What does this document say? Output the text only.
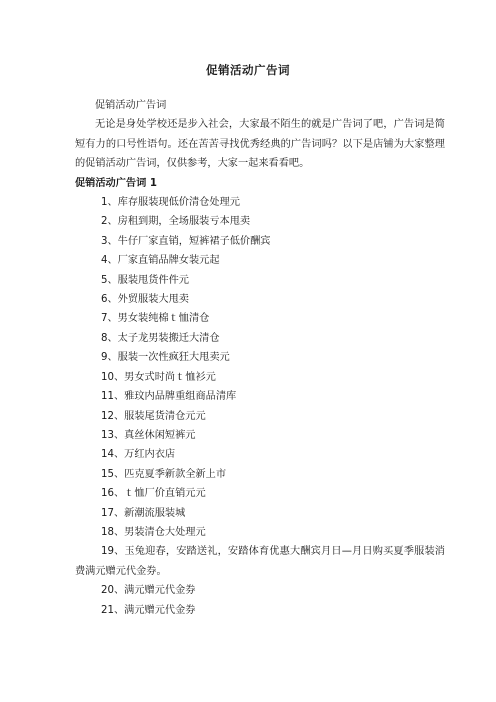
促销活动广告词

促销活动广告词

无论是身处学校还是步入社会，大家最不陌生的就是广告词了吧，广告词是简短有力的口号性语句。还在苦苦寻找优秀经典的广告词吗？以下是店铺为大家整理的促销活动广告词，仅供参考，大家一起来看看吧。

促销活动广告词 1

1、库存服装现低价清仓处理元
2、房租到期，全场服装亏本甩卖
3、牛仔厂家直销，短裤裙子低价酬宾
4、厂家直销品牌女装元起
5、服装甩货件件元
6、外贸服装大甩卖
7、男女装纯棉ｔ恤清仓
8、太子龙男装搬迁大清仓
9、服装一次性疯狂大甩卖元
10、男女式时尚ｔ恤衫元
11、雅玟内品牌重组商品清库
12、服装尾货清仓元元
13、真丝休闲短裤元
14、万红内衣店
15、匹克夏季新款全新上市
16、ｔ恤厂价直销元元
17、新潮流服装城
18、男装清仓大处理元
19、玉兔迎春，安踏送礼，安踏体育优惠大酬宾月日—月日购买夏季服装消费满元赠元代金券。
20、满元赠元代金券
21、满元赠元代金券
